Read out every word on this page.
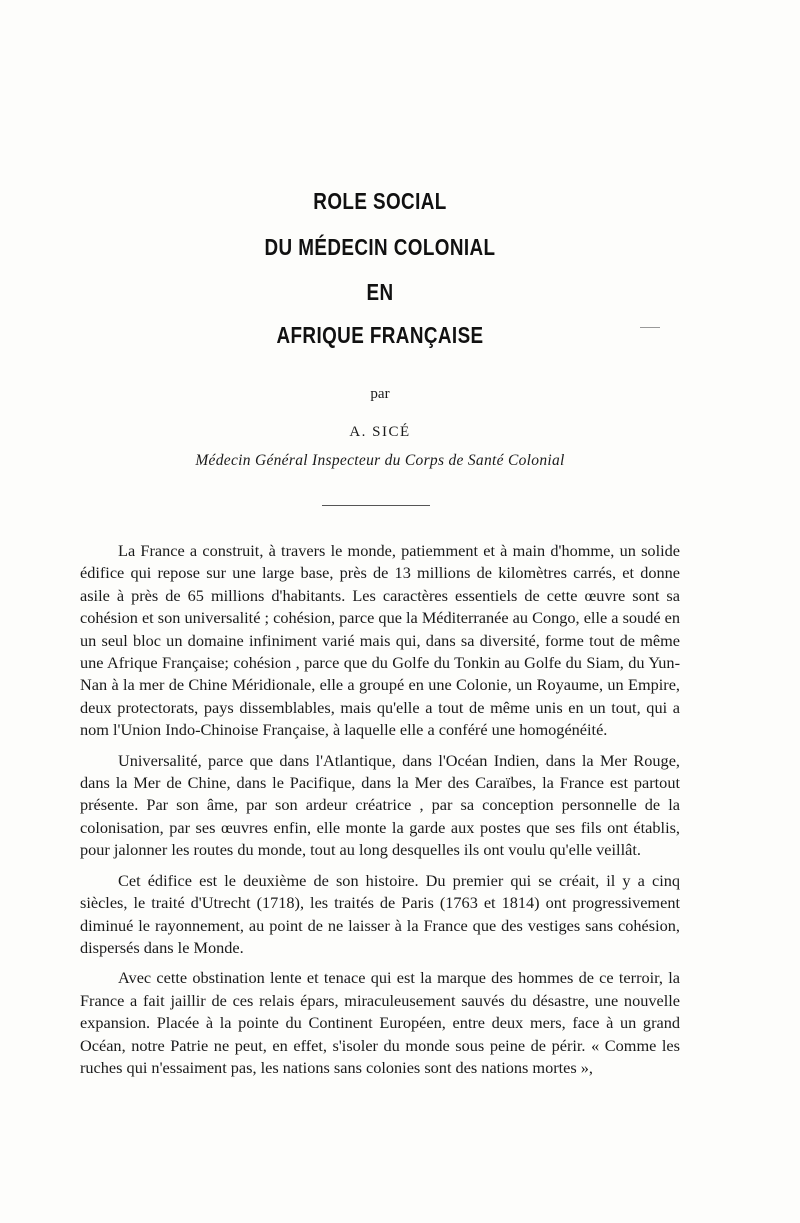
ROLE SOCIAL
DU MÉDECIN COLONIAL
EN
AFRIQUE FRANÇAISE
par
A. SICÉ
Médecin Général Inspecteur du Corps de Santé Colonial

La France a construit, à travers le monde, patiemment et à main d'homme, un solide édifice qui repose sur une large base, près de 13 millions de kilomètres carrés, et donne asile à près de 65 millions d'habitants. Les caractères essentiels de cette œuvre sont sa cohésion et son universalité ; cohésion, parce que la Méditerranée au Congo, elle a soudé en un seul bloc un domaine infiniment varié mais qui, dans sa diversité, forme tout de même une Afrique Française; cohésion , parce que du Golfe du Tonkin au Golfe du Siam, du Yun-Nan à la mer de Chine Méridionale, elle a groupé en une Colonie, un Royaume, un Empire, deux protectorats, pays dissemblables, mais qu'elle a tout de même unis en un tout, qui a nom l'Union Indo-Chinoise Française, à laquelle elle a conféré une homogénéité.

Universalité, parce que dans l'Atlantique, dans l'Océan Indien, dans la Mer Rouge, dans la Mer de Chine, dans le Pacifique, dans la Mer des Caraïbes, la France est partout présente. Par son âme, par son ardeur créatrice , par sa conception personnelle de la colonisation, par ses œuvres enfin, elle monte la garde aux postes que ses fils ont établis, pour jalonner les routes du monde, tout au long desquelles ils ont voulu qu'elle veillât.

Cet édifice est le deuxième de son histoire. Du premier qui se créait, il y a cinq siècles, le traité d'Utrecht (1718), les traités de Paris (1763 et 1814) ont progressivement diminué le rayonnement, au point de ne laisser à la France que des vestiges sans cohésion, dispersés dans le Monde.

Avec cette obstination lente et tenace qui est la marque des hommes de ce terroir, la France a fait jaillir de ces relais épars, miraculeusement sauvés du désastre, une nouvelle expansion. Placée à la pointe du Continent Européen, entre deux mers, face à un grand Océan, notre Patrie ne peut, en effet, s'isoler du monde sous peine de périr. « Comme les ruches qui n'essaiment pas, les nations sans colonies sont des nations mortes »,
